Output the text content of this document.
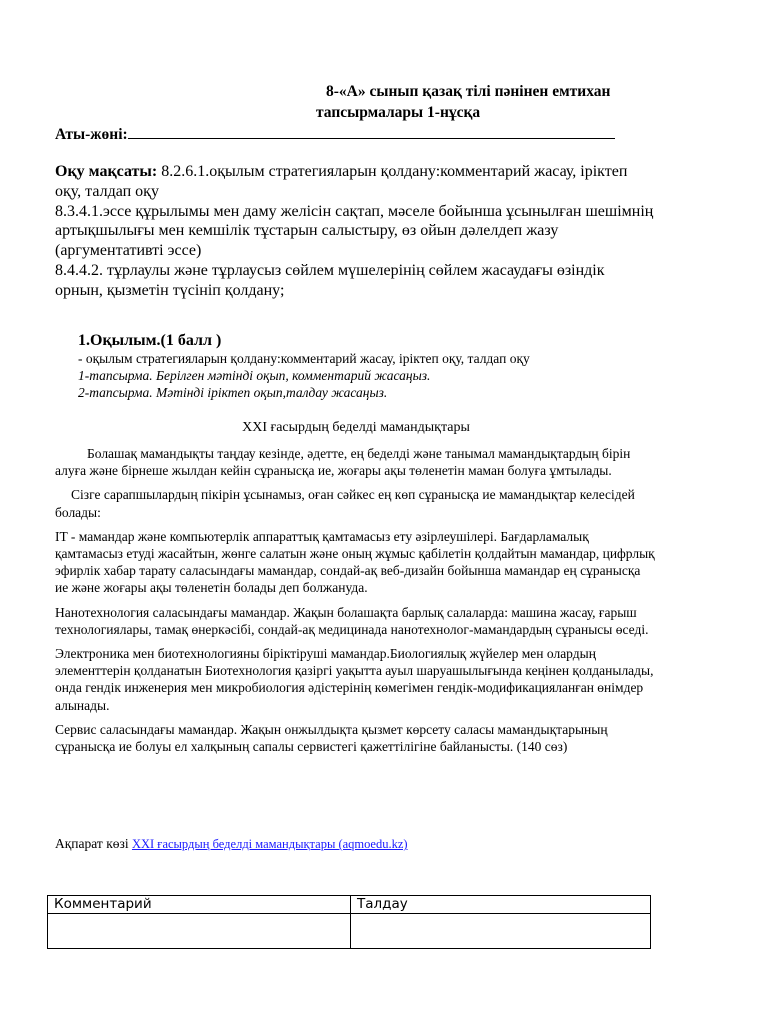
8-«А» сынып қазақ тілі пәнінен емтихан
тапсырмалары 1-нұсқа
Аты-жөні:

Оқу мақсаты: 8.2.6.1.оқылым стратегияларын қолдану:комментарий жасау, іріктеп оқу, талдап оқу

8.3.4.1.эссе құрылымы мен даму желісін сақтап, мәселе бойынша ұсынылған шешімнің артықшылығы мен кемшілік тұстарын салыстыру, өз ойын дәлелдеп жазу (аргументативті эссе)

8.4.4.2. тұрлаулы және тұрлаусыз сөйлем мүшелерінің сөйлем жасаудағы өзіндік орнын, қызметін түсініп қолдану;

1.Оқылым.(1 балл )

- оқылым стратегияларын қолдану:комментарий жасау, іріктеп оқу, талдап оқу

1-тапсырма. Берілген мәтінді оқып, комментарий жасаңыз.

2-тапсырма. Мәтінді іріктеп оқып,талдау жасаңыз.

XXI ғасырдың беделді мамандықтары

Болашақ мамандықты таңдау кезінде, әдетте, ең беделді және танымал мамандықтардың бірін алуға және бірнеше жылдан кейін сұранысқа ие, жоғары ақы төленетін маман болуға ұмтылады.

Сізге сарапшылардың пікірін ұсынамыз, оған сәйкес ең көп сұранысқа ие мамандықтар келесідей болады:

IT - мамандар және компьютерлік аппараттық қамтамасыз ету әзірлеушілері. Бағдарламалық қамтамасыз етуді жасайтын, жөнге салатын және оның жұмыс қабілетін қолдайтын мамандар, цифрлық эфирлік хабар тарату саласындағы мамандар, сондай-ақ веб-дизайн бойынша мамандар ең сұранысқа ие және жоғары ақы төленетін болады деп болжануда.

Нанотехнология саласындағы мамандар. Жақын болашақта барлық салаларда: машина жасау, ғарыш технологиялары, тамақ өнеркәсібі, сондай-ақ медицинада нанотехнолог-мамандардың сұранысы өседі.

Электроника мен биотехнологияны біріктіруші мамандар.Биологиялық жүйелер мен олардың элементтерін қолданатын Биотехнология қазіргі уақытта ауыл шаруашылығында кеңінен қолданылады, онда гендік инженерия мен микробиология әдістерінің көмегімен гендік-модификацияланған өнімдер алынады.

Сервис саласындағы мамандар. Жақын онжылдықта қызмет көрсету саласы мамандықтарының сұранысқа ие болуы ел халқының сапалы сервистегі қажеттілігіне байланысты. (140 сөз)

Ақпарат көзі XXI ғасырдың беделді мамандықтары (aqmoedu.kz)
Комментарий	Талдау
